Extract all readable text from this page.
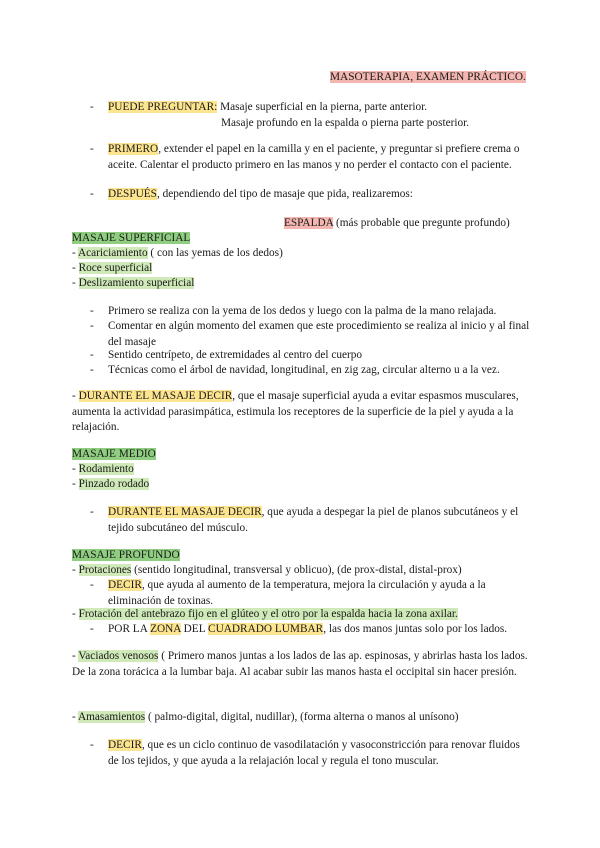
MASOTERAPIA, EXAMEN PRÁCTICO.
-	PUEDE PREGUNTAR: Masaje superficial en la pierna, parte anterior.
Masaje profundo en la espalda o pierna parte posterior.
-	PRIMERO, extender el papel en la camilla y en el paciente, y preguntar si prefiere crema o aceite. Calentar el producto primero en las manos y no perder el contacto con el paciente.
-	DESPUÉS, dependiendo del tipo de masaje que pida, realizaremos:
ESPALDA (más probable que pregunte profundo)
MASAJE SUPERFICIAL
- Acariciamiento ( con las yemas de los dedos)
- Roce superficial
- Deslizamiento superficial
-	Primero se realiza con la yema de los dedos y luego con la palma de la mano relajada.
-	Comentar en algún momento del examen que este procedimiento se realiza al inicio y al final del masaje
-	Sentido centrípeto, de extremidades al centro del cuerpo
-	Técnicas como el árbol de navidad, longitudinal, en zig zag, circular alterno u a la vez.
- DURANTE EL MASAJE DECIR, que el masaje superficial ayuda a evitar espasmos musculares, aumenta la actividad parasimpática, estimula los receptores de la superficie de la piel y ayuda a la relajación.
MASAJE MEDIO
- Rodamiento
- Pinzado rodado
-	DURANTE EL MASAJE DECIR, que ayuda a despegar la piel de planos subcutáneos y el tejido subcutáneo del músculo.
MASAJE PROFUNDO
- Protaciones (sentido longitudinal, transversal y oblicuo), (de prox-distal, distal-prox)
-	DECIR, que ayuda al aumento de la temperatura, mejora la circulación y ayuda a la eliminación de toxinas.
- Frotación del antebrazo fijo en el glúteo y el otro por la espalda hacia la zona axilar.
-	POR LA ZONA DEL CUADRADO LUMBAR, las dos manos juntas solo por los lados.
- Vaciados venosos ( Primero manos juntas a los lados de las ap. espinosas, y abrirlas hasta los lados. De la zona torácica a la lumbar baja. Al acabar subir las manos hasta el occipital sin hacer presión.
- Amasamientos ( palmo-digital, digital, nudillar), (forma alterna o manos al unísono)
-	DECIR, que es un ciclo continuo de vasodilatación y vasoconstricción para renovar fluidos de los tejidos, y que ayuda a la relajación local y regula el tono muscular.
